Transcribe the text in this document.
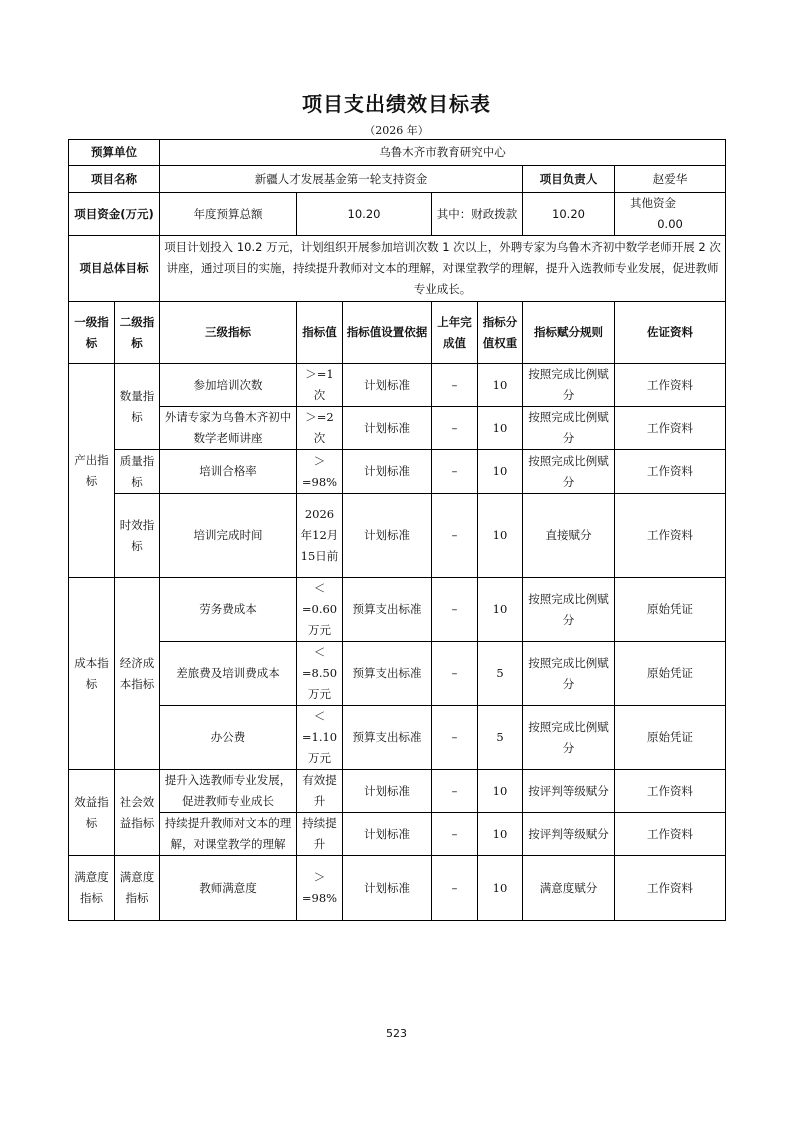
项目支出绩效目标表
（2026 年）
预算单位		乌鲁木齐市教育研究中心						
项目名称		新疆人才发展基金第一轮支持资金					项目负责人	赵爱华
项目资金(万元)		年度预算总额	10.20		其中：财政拨款		10.20	其他资金0.00
项目总体目标		项目计划投入 10.2 万元，计划组织开展参加培训次数 1 次以上，外聘专家为乌鲁木齐初中数学老师开展 2 次讲座，通过项目的实施，持续提升教师对文本的理解，对课堂教学的理解，提升入选教师专业发展，促进教师专业成长。						
一级指标	二级指标	三级指标	指标值	指标值设置依据	上年完成值	指标分值权重	指标赋分规则	佐证资料
产出指标	数量指标	参加培训次数	＞=1次	计划标准	–	10	按照完成比例赋分	工作资料
		外请专家为乌鲁木齐初中数学老师讲座	＞=2次	计划标准	–	10	按照完成比例赋分	工作资料
	质量指标	培训合格率	＞=98%	计划标准	–	10	按照完成比例赋分	工作资料
	时效指标	培训完成时间	2026年12月15日前	计划标准	–	10	直接赋分	工作资料
成本指标	经济成本指标	劳务费成本	＜=0.60万元	预算支出标准	–	10	按照完成比例赋分	原始凭证
		差旅费及培训费成本	＜=8.50万元	预算支出标准	–	5	按照完成比例赋分	原始凭证
		办公费	＜=1.10万元	预算支出标准	–	5	按照完成比例赋分	原始凭证
效益指标	社会效益指标	提升入选教师专业发展，促进教师专业成长	有效提升	计划标准	–	10	按评判等级赋分	工作资料
		持续提升教师对文本的理解，对课堂教学的理解	持续提升	计划标准	–	10	按评判等级赋分	工作资料
满意度指标	满意度指标	教师满意度	＞=98%	计划标准	–	10	满意度赋分	工作资料
523
